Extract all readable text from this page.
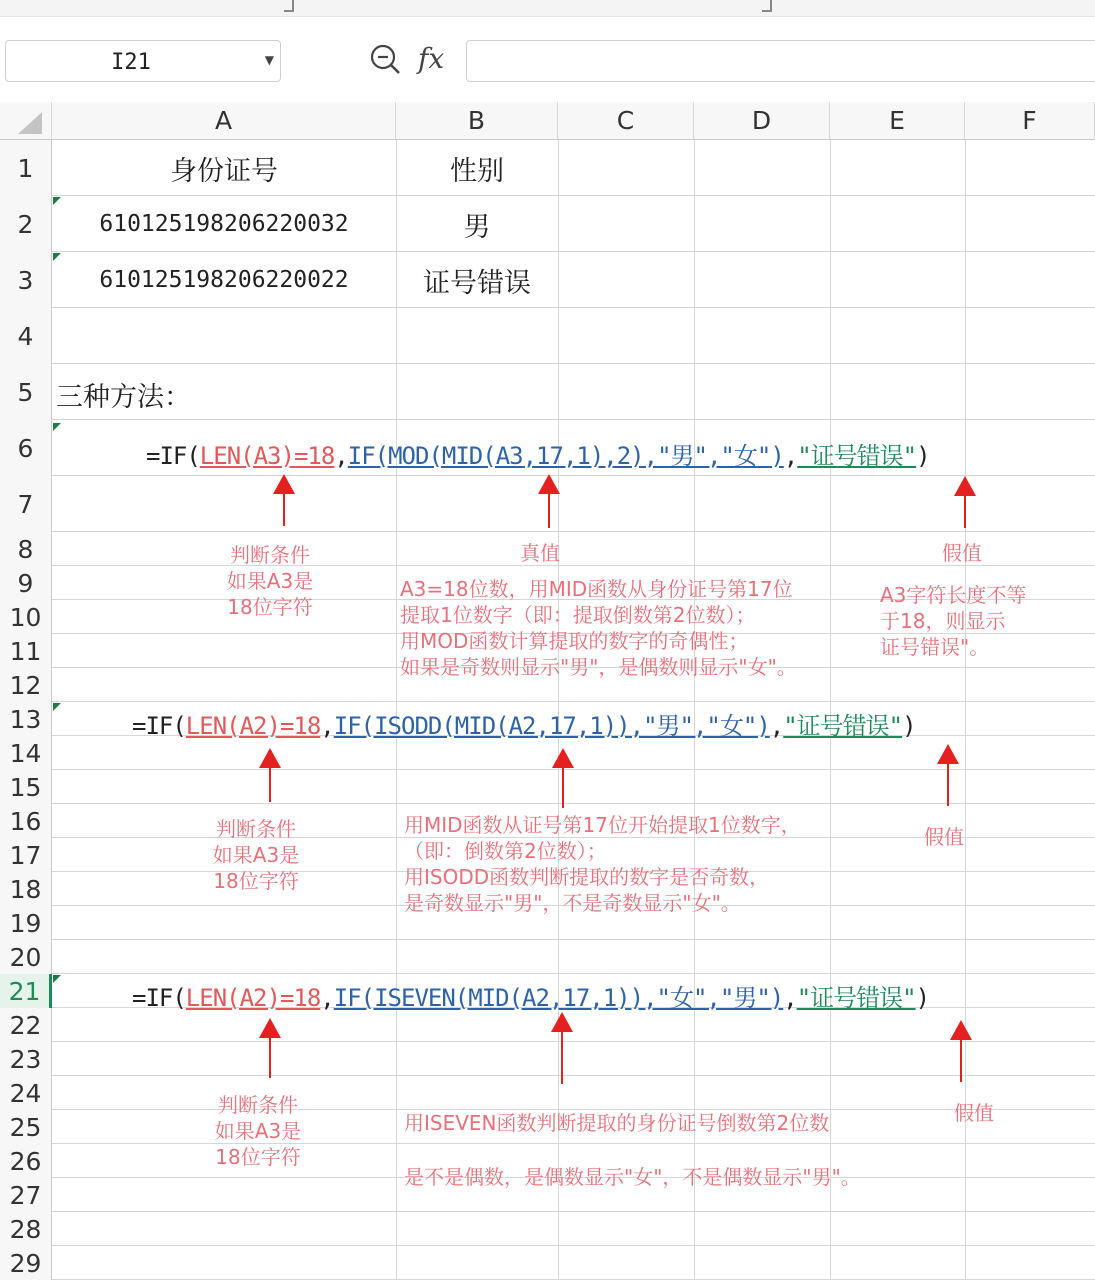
I21	▼	fx
A	B	C	D	E	F
1
2
3
4
5
6
7
8
9
10
11
12
13
14
15
16
17
18
19
20
21
22
23
24
25
26
27
28
29
身份证号	性别
610125198206220032	男
610125198206220022	证号错误
三种方法：
=IF(LEN(A3)=18,IF(MOD(MID(A3,17,1),2),"男","女"),"证号错误")
=IF(LEN(A2)=18,IF(ISODD(MID(A2,17,1)),"男","女"),"证号错误")
=IF(LEN(A2)=18,IF(ISEVEN(MID(A2,17,1)),"女","男"),"证号错误")
判断条件
如果A3是
18位字符
真值
A3=18位数，用MID函数从身份证号第17位
提取1位数字（即：提取倒数第2位数）；
用MOD函数计算提取的数字的奇偶性；
如果是奇数则显示"男"，是偶数则显示"女"。
假值
A3字符长度不等
于18，则显示
证号错误"。
判断条件
如果A3是
18位字符
用MID函数从证号第17位开始提取1位数字，
（即：倒数第2位数）；
用ISODD函数判断提取的数字是否奇数，
是奇数显示"男"，不是奇数显示"女"。
假值
判断条件
如果A3是
18位字符
用ISEVEN函数判断提取的身份证号倒数第2位数
是不是偶数，是偶数显示"女"，不是偶数显示"男"。
假值
